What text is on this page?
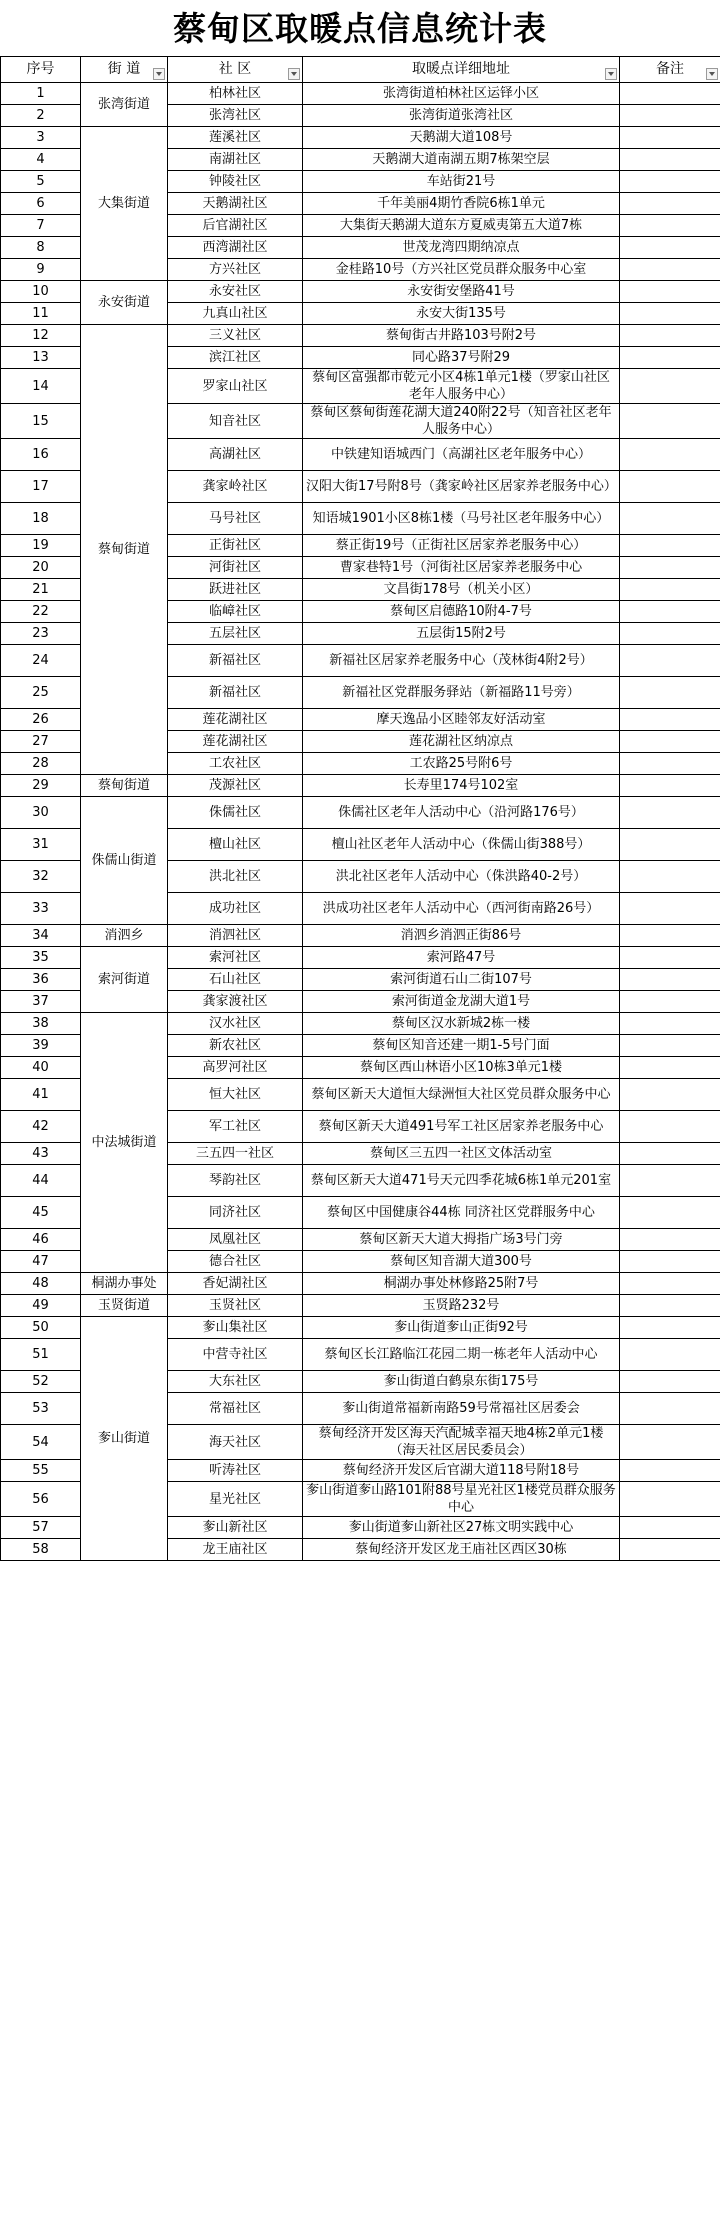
蔡甸区取暖点信息统计表
序号	街 道	社 区	取暖点详细地址	备注

1	张湾街道	柏林社区	张湾街道柏林社区运铎小区	
2		张湾社区	张湾街道张湾社区	
3	大集街道	莲溪社区	天鹅湖大道108号	
4		南湖社区	天鹅湖大道南湖五期7栋架空层	
5		钟陵社区	车站街21号	
6		天鹅湖社区	千年美丽4期竹香院6栋1单元	
7		后官湖社区	大集街天鹅湖大道东方夏威夷第五大道7栋	
8		西湾湖社区	世茂龙湾四期纳凉点	
9		方兴社区	金桂路10号（方兴社区党员群众服务中心室	
10	永安街道	永安社区	永安街安堡路41号	
11		九真山社区	永安大街135号	
12	蔡甸街道	三义社区	蔡甸街古井路103号附2号	
13		滨江社区	同心路37号附29	
14		罗家山社区	蔡甸区富强都市乾元小区4栋1单元1楼（罗家山社区老年人服务中心）	
15		知音社区	蔡甸区蔡甸街莲花湖大道240附22号（知音社区老年人服务中心）	
16		高湖社区	中铁建知语城西门（高湖社区老年服务中心）	
17		龚家岭社区	汉阳大街17号附8号（龚家岭社区居家养老服务中心）	
18		马号社区	知语城1901小区8栋1楼（马号社区老年服务中心）	
19		正街社区	蔡正街19号（正街社区居家养老服务中心）	
20		河街社区	曹家巷特1号（河街社区居家养老服务中心	
21		跃进社区	文昌街178号（机关小区）	
22		临嶂社区	蔡甸区启德路10附4-7号	
23		五层社区	五层街15附2号	
24		新福社区	新福社区居家养老服务中心（茂林街4附2号）	
25		新福社区	新福社区党群服务驿站（新福路11号旁）	
26		莲花湖社区	摩天逸品小区睦邻友好活动室	
27		莲花湖社区	莲花湖社区纳凉点	
28		工农社区	工农路25号附6号	
29	蔡甸街道	茂源社区	长寿里174号102室	
30	侏儒山街道	侏儒社区	侏儒社区老年人活动中心（沿河路176号）	
31		檀山社区	檀山社区老年人活动中心（侏儒山街388号）	
32		洪北社区	洪北社区老年人活动中心（侏洪路40-2号）	
33		成功社区	洪成功社区老年人活动中心（西河街南路26号）	
34	消泗乡	消泗社区	消泗乡消泗正街86号	
35	索河街道	索河社区	索河路47号	
36		石山社区	索河街道石山二街107号	
37		龚家渡社区	索河街道金龙湖大道1号	
38	中法城街道	汉水社区	蔡甸区汉水新城2栋一楼	
39		新农社区	蔡甸区知音还建一期1-5号门面	
40		高罗河社区	蔡甸区西山林语小区10栋3单元1楼	
41		恒大社区	蔡甸区新天大道恒大绿洲恒大社区党员群众服务中心	
42		军工社区	蔡甸区新天大道491号军工社区居家养老服务中心	
43		三五四一社区	蔡甸区三五四一社区文体活动室	
44		琴韵社区	蔡甸区新天大道471号天元四季花城6栋1单元201室	
45		同济社区	蔡甸区中国健康谷44栋 同济社区党群服务中心	
46		凤凰社区	蔡甸区新天大道大拇指广场3号门旁	
47		德合社区	蔡甸区知音湖大道300号	
48	桐湖办事处	香妃湖社区	桐湖办事处林修路25附7号	
49	玉贤街道	玉贤社区	玉贤路232号	
50	奓山街道	奓山集社区	奓山街道奓山正街92号	
51		中营寺社区	蔡甸区长江路临江花园二期一栋老年人活动中心	
52		大东社区	奓山街道白鹤泉东街175号	
53		常福社区	奓山街道常福新南路59号常福社区居委会	
54		海天社区	蔡甸经济开发区海天汽配城幸福天地4栋2单元1楼（海天社区居民委员会）	
55		听涛社区	蔡甸经济开发区后官湖大道118号附18号	
56		星光社区	奓山街道奓山路101附88号星光社区1楼党员群众服务中心	
57		奓山新社区	奓山街道奓山新社区27栋文明实践中心	
58		龙王庙社区	蔡甸经济开发区龙王庙社区西区30栋	
